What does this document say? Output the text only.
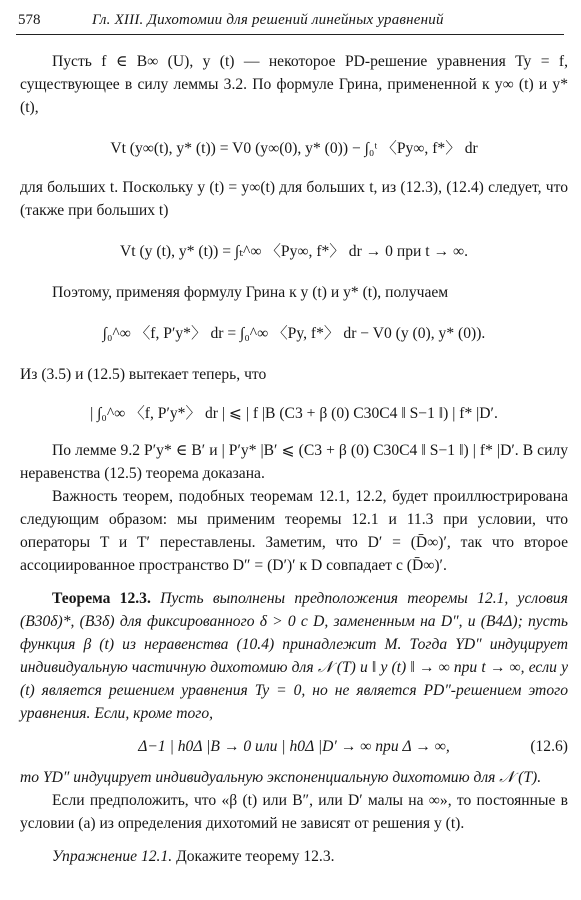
578	Гл. XIII. Дихотомии для решений линейных уравнений

Пусть f ∈ B∞ (U), y (t) — некоторое PD-решение уравнения Ty = f, существующее в силу леммы 3.2. По формуле Грина, примененной к y∞ (t) и y* (t),

Vt (y∞(t), y* (t)) = V0 (y∞(0), y* (0)) − ∫₀ᵗ 〈Py∞, f*〉 dr

для больших t. Поскольку y (t) = y∞(t) для больших t, из (12.3), (12.4) следует, что (также при больших t)

Vt (y (t), y* (t)) = ∫ₜ^∞ 〈Py∞, f*〉 dr → 0 при t → ∞.

Поэтому, применяя формулу Грина к y (t) и y* (t), получаем

∫₀^∞ 〈f, P′y*〉 dr = ∫₀^∞ 〈Py, f*〉 dr − V0 (y (0), y* (0)).

Из (3.5) и (12.5) вытекает теперь, что

| ∫₀^∞ 〈f, P′y*〉 dr | ⩽ | f |B (C3 + β (0) C30C4 ‖ S−1 ‖) | f* |D′.

По лемме 9.2 P′y* ∈ B′ и | P′y* |B′ ⩽ (C3 + β (0) C30C4 ‖ S−1 ‖) | f* |D′. В силу неравенства (12.5) теорема доказана.

Важность теорем, подобных теоремам 12.1, 12.2, будет проиллюстрирована следующим образом: мы применим теоремы 12.1 и 11.3 при условии, что операторы T и T′ переставлены. Заметим, что D′ = (D̄∞)′, так что второе ассоциированное пространство D″ = (D′)′ к D совпадает с (D̄∞)′.

Теорема 12.3. Пусть выполнены предположения теоремы 12.1, условия (B30δ)*, (B3δ) для фиксированного δ > 0 с D, замененным на D″, и (B4Δ); пусть функция β (t) из неравенства (10.4) принадлежит M. Тогда YD″ индуцирует индивидуальную частичную дихотомию для 𝒩 (T) и ‖ y (t) ‖ → ∞ при t → ∞, если y (t) является решением уравнения Ty = 0, но не является PD″-решением этого уравнения. Если, кроме того,

Δ−1 | h0Δ |B → 0 или | h0Δ |D′ → ∞ при Δ → ∞,	(12.6)

то YD″ индуцирует индивидуальную экспоненциальную дихотомию для 𝒩 (T).

Если предположить, что «β (t) или B″, или D′ малы на ∞», то постоянные в условии (a) из определения дихотомий не зависят от решения y (t).

Упражнение 12.1. Докажите теорему 12.3.
